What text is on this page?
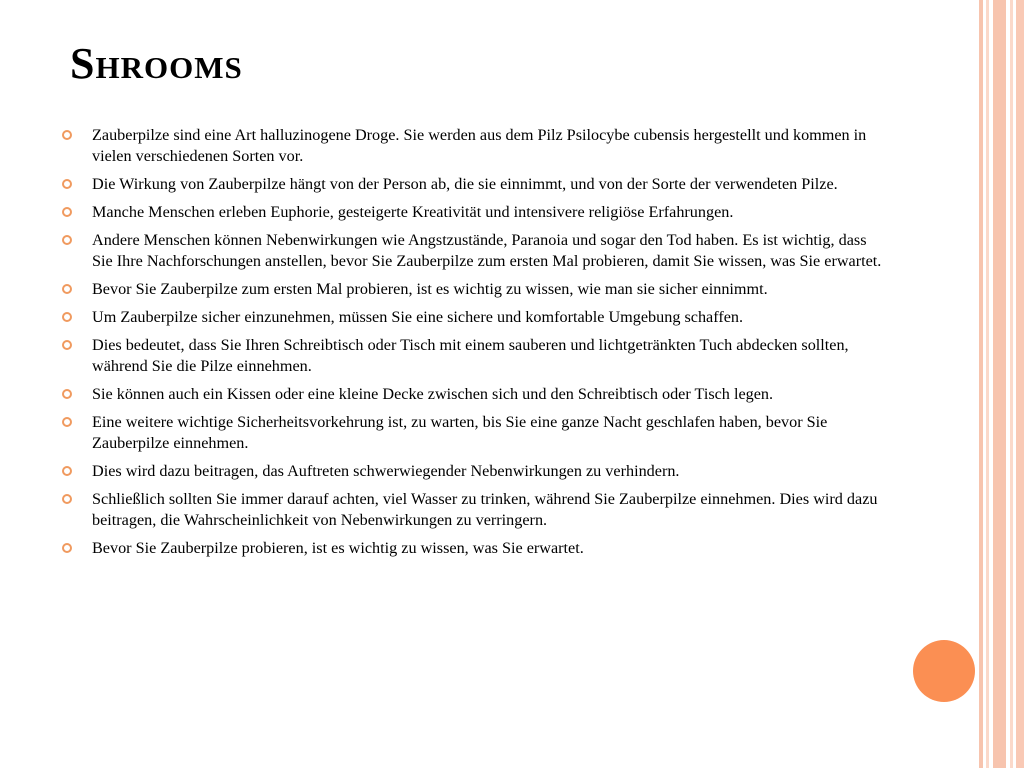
Shrooms
Zauberpilze sind eine Art halluzinogene Droge. Sie werden aus dem Pilz Psilocybe cubensis hergestellt und kommen in vielen verschiedenen Sorten vor.
Die Wirkung von Zauberpilze hängt von der Person ab, die sie einnimmt, und von der Sorte der verwendeten Pilze.
Manche Menschen erleben Euphorie, gesteigerte Kreativität und intensivere religiöse Erfahrungen.
Andere Menschen können Nebenwirkungen wie Angstzustände, Paranoia und sogar den Tod haben. Es ist wichtig, dass Sie Ihre Nachforschungen anstellen, bevor Sie Zauberpilze zum ersten Mal probieren, damit Sie wissen, was Sie erwartet.
Bevor Sie Zauberpilze zum ersten Mal probieren, ist es wichtig zu wissen, wie man sie sicher einnimmt.
Um Zauberpilze sicher einzunehmen, müssen Sie eine sichere und komfortable Umgebung schaffen.
Dies bedeutet, dass Sie Ihren Schreibtisch oder Tisch mit einem sauberen und lichtgetränkten Tuch abdecken sollten, während Sie die Pilze einnehmen.
Sie können auch ein Kissen oder eine kleine Decke zwischen sich und den Schreibtisch oder Tisch legen.
Eine weitere wichtige Sicherheitsvorkehrung ist, zu warten, bis Sie eine ganze Nacht geschlafen haben, bevor Sie Zauberpilze einnehmen.
Dies wird dazu beitragen, das Auftreten schwerwiegender Nebenwirkungen zu verhindern.
Schließlich sollten Sie immer darauf achten, viel Wasser zu trinken, während Sie Zauberpilze einnehmen. Dies wird dazu beitragen, die Wahrscheinlichkeit von Nebenwirkungen zu verringern.
Bevor Sie Zauberpilze probieren, ist es wichtig zu wissen, was Sie erwartet.
